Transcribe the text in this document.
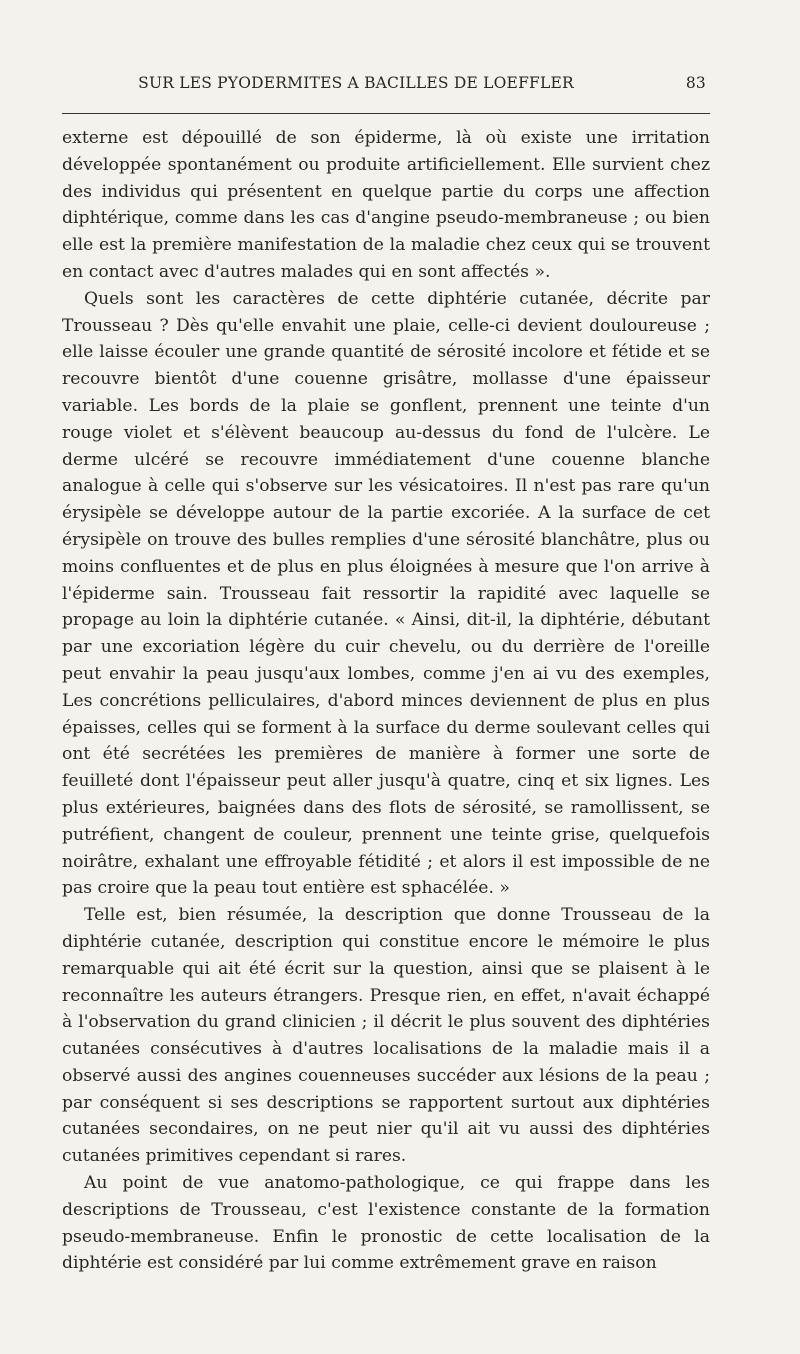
SUR LES PYODERMITES A BACILLES DE LOEFFLER	83

externe est dépouillé de son épiderme, là où existe une irritation développée spontanément ou produite artificiellement. Elle survient chez des individus qui présentent en quelque partie du corps une affection diphtérique, comme dans les cas d'angine pseudo-membraneuse ; ou bien elle est la première manifestation de la maladie chez ceux qui se trouvent en contact avec d'autres malades qui en sont affectés ».

Quels sont les caractères de cette diphtérie cutanée, décrite par Trousseau ? Dès qu'elle envahit une plaie, celle-ci devient douloureuse ; elle laisse écouler une grande quantité de sérosité incolore et fétide et se recouvre bientôt d'une couenne grisâtre, mollasse d'une épaisseur variable. Les bords de la plaie se gonflent, prennent une teinte d'un rouge violet et s'élèvent beaucoup au-dessus du fond de l'ulcère. Le derme ulcéré se recouvre immédiatement d'une couenne blanche analogue à celle qui s'observe sur les vésicatoires. Il n'est pas rare qu'un érysipèle se développe autour de la partie excoriée. A la surface de cet érysipèle on trouve des bulles remplies d'une sérosité blanchâtre, plus ou moins confluentes et de plus en plus éloignées à mesure que l'on arrive à l'épiderme sain. Trousseau fait ressortir la rapidité avec laquelle se propage au loin la diphtérie cutanée. « Ainsi, dit-il, la diphtérie, débutant par une excoriation légère du cuir chevelu, ou du derrière de l'oreille peut envahir la peau jusqu'aux lombes, comme j'en ai vu des exemples, Les concrétions pelliculaires, d'abord minces deviennent de plus en plus épaisses, celles qui se forment à la surface du derme soulevant celles qui ont été secrétées les premières de manière à former une sorte de feuilleté dont l'épaisseur peut aller jusqu'à quatre, cinq et six lignes. Les plus extérieures, baignées dans des flots de sérosité, se ramollissent, se putréfient, changent de couleur, prennent une teinte grise, quelquefois noirâtre, exhalant une effroyable fétidité ; et alors il est impossible de ne pas croire que la peau tout entière est sphacélée. »

Telle est, bien résumée, la description que donne Trousseau de la diphtérie cutanée, description qui constitue encore le mémoire le plus remarquable qui ait été écrit sur la question, ainsi que se plaisent à le reconnaître les auteurs étrangers. Presque rien, en effet, n'avait échappé à l'observation du grand clinicien ; il décrit le plus souvent des diphtéries cutanées consécutives à d'autres localisations de la maladie mais il a observé aussi des angines couenneuses succéder aux lésions de la peau ; par conséquent si ses descriptions se rapportent surtout aux diphtéries cutanées secondaires, on ne peut nier qu'il ait vu aussi des diphtéries cutanées primitives cependant si rares.

Au point de vue anatomo-pathologique, ce qui frappe dans les descriptions de Trousseau, c'est l'existence constante de la formation pseudo-membraneuse. Enfin le pronostic de cette localisation de la diphtérie est considéré par lui comme extrêmement grave en raison
